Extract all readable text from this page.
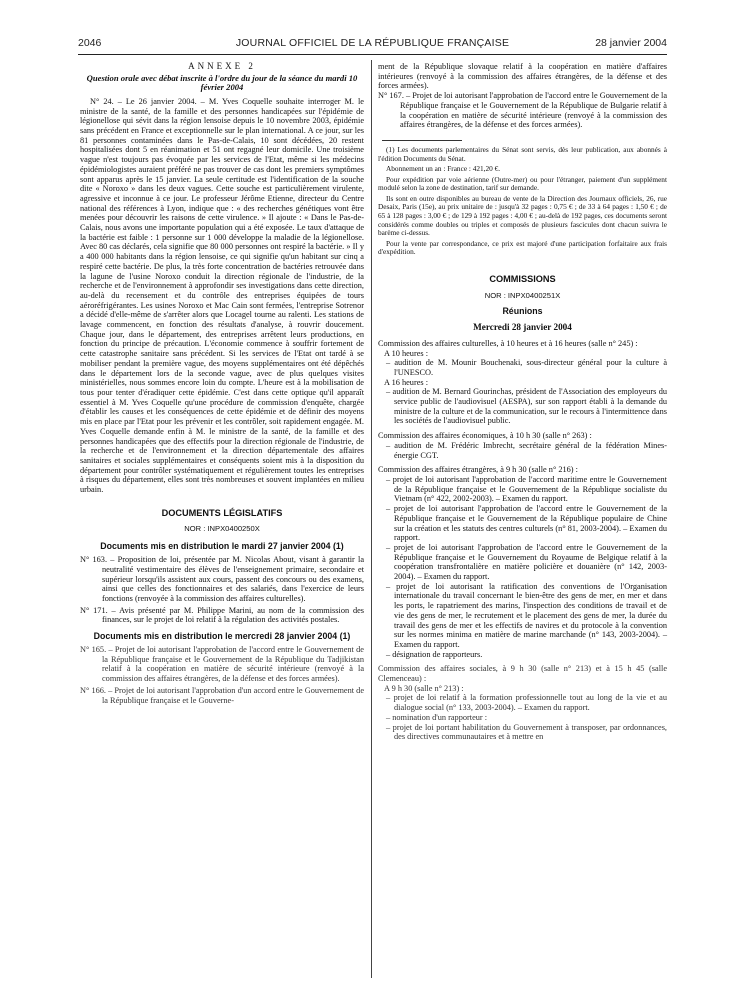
2046	JOURNAL OFFICIEL DE LA RÉPUBLIQUE FRANÇAISE	28 janvier 2004

ANNEXE 2

Question orale avec débat inscrite à l'ordre du jour de la séance du mardi 10 février 2004

N° 24. – Le 26 janvier 2004. – M. Yves Coquelle souhaite interroger M. le ministre de la santé, de la famille et des personnes handicapées sur l'épidémie de légionellose qui sévit dans la région lensoise depuis le 10 novembre 2003, épidémie sans précédent en France et exceptionnelle sur le plan international. A ce jour, sur les 81 personnes contaminées dans le Pas-de-Calais, 10 sont décédées, 20 restent hospitalisées dont 5 en réanimation et 51 ont regagné leur domicile. Une troisième vague n'est toujours pas évoquée par les services de l'Etat, même si les médecins épidémiologistes auraient préféré ne pas trouver de cas dont les premiers symptômes sont apparus après le 15 janvier. La seule certitude est l'identification de la souche dite « Noroxo » dans les deux vagues. Cette souche est particulièrement virulente, agressive et inconnue à ce jour. Le professeur Jérôme Etienne, directeur du Centre national des références à Lyon, indique que : « des recherches génétiques vont être menées pour découvrir les raisons de cette virulence. » Il ajoute : « Dans le Pas-de-Calais, nous avons une importante population qui a été exposée. Le taux d'attaque de la bactérie est faible : 1 personne sur 1 000 développe la maladie de la légionellose. Avec 80 cas déclarés, cela signifie que 80 000 personnes ont respiré la bactérie. » Il y a 400 000 habitants dans la région lensoise, ce qui signifie qu'un habitant sur cinq a respiré cette bactérie. De plus, la très forte concentration de bactéries retrouvée dans la lagune de l'usine Noroxo conduit la direction régionale de l'industrie, de la recherche et de l'environnement à approfondir ses investigations dans cette direction, au-delà du recensement et du contrôle des entreprises équipées de tours aéroréfrigérantes. Les usines Noroxo et Mac Cain sont fermées, l'entreprise Sotrenor a décidé d'elle-même de s'arrêter alors que Locagel tourne au ralenti. Les stations de lavage commencent, en fonction des résultats d'analyse, à rouvrir doucement. Chaque jour, dans le département, des entreprises arrêtent leurs productions, en fonction du principe de précaution. L'économie commence à souffrir fortement de cette catastrophe sanitaire sans précédent. Si les services de l'Etat ont tardé à se mobiliser pendant la première vague, des moyens supplémentaires ont été dépêchés dans le département lors de la seconde vague, avec de plus quelques visites ministérielles, nous sommes encore loin du compte. L'heure est à la mobilisation de tous pour tenter d'éradiquer cette épidémie. C'est dans cette optique qu'il apparaît essentiel à M. Yves Coquelle qu'une procédure de commission d'enquête, chargée d'établir les causes et les conséquences de cette épidémie et de définir des moyens mis en place par l'Etat pour les prévenir et les contrôler, soit rapidement engagée. M. Yves Coquelle demande enfin à M. le ministre de la santé, de la famille et des personnes handicapées que des effectifs pour la direction régionale de l'industrie, de la recherche et de l'environnement et la direction départementale des affaires sanitaires et sociales supplémentaires et conséquents soient mis à la disposition du département pour contrôler systématiquement et régulièrement toutes les entreprises à risques du département, elles sont très nombreuses et souvent implantées en milieu urbain.

DOCUMENTS LÉGISLATIFS

NOR : INPX0400250X

Documents mis en distribution le mardi 27 janvier 2004 (1)

N° 163. – Proposition de loi, présentée par M. Nicolas About, visant à garantir la neutralité vestimentaire des élèves de l'enseignement primaire, secondaire et supérieur lorsqu'ils assistent aux cours, passent des concours ou des examens, ainsi que celles des fonctionnaires et des salariés, dans l'exercice de leurs fonctions (renvoyée à la commission des affaires culturelles).
N° 171. – Avis présenté par M. Philippe Marini, au nom de la commission des finances, sur le projet de loi relatif à la régulation des activités postales.

Documents mis en distribution le mercredi 28 janvier 2004 (1)

N° 165. – Projet de loi autorisant l'approbation de l'accord entre le Gouvernement de la République française et le Gouvernement de la République du Tadjikistan relatif à la coopération en matière de sécurité intérieure (renvoyé à la commission des affaires étrangères, de la défense et des forces armées).
N° 166. – Projet de loi autorisant l'approbation d'un accord entre le Gouvernement de la République française et le Gouverne-

ment de la République slovaque relatif à la coopération en matière d'affaires intérieures (renvoyé à la commission des affaires étrangères, de la défense et des forces armées).

N° 167. – Projet de loi autorisant l'approbation de l'accord entre le Gouvernement de la République française et le Gouvernement de la République de Bulgarie relatif à la coopération en matière de sécurité intérieure (renvoyé à la commission des affaires étrangères, de la défense et des forces armées).

(1) Les documents parlementaires du Sénat sont servis, dès leur publication, aux abonnés à l'édition Documents du Sénat.

Abonnement un an : France : 421,20 €.

Pour expédition par voie aérienne (Outre-mer) ou pour l'étranger, paiement d'un supplément modulé selon la zone de destination, tarif sur demande.

Ils sont en outre disponibles au bureau de vente de la Direction des Journaux officiels, 26, rue Desaix, Paris (15e), au prix unitaire de : jusqu'à 32 pages : 0,75 € ; de 33 à 64 pages : 1,50 € ; de 65 à 128 pages : 3,00 € ; de 129 à 192 pages : 4,00 € ; au-delà de 192 pages, ces documents seront considérés comme doubles ou triples et composés de plusieurs fascicules dont chacun suivra le barème ci-dessus.

Pour la vente par correspondance, ce prix est majoré d'une participation forfaitaire aux frais d'expédition.

COMMISSIONS

NOR : INPX0400251X

Réunions

Mercredi 28 janvier 2004

Commission des affaires culturelles, à 10 heures et à 16 heures (salle n° 245) :

A 10 heures :

– audition de M. Mounir Bouchenaki, sous-directeur général pour la culture à l'UNESCO.

A 16 heures :

– audition de M. Bernard Gourinchas, président de l'Association des employeurs du service public de l'audiovisuel (AESPA), sur son rapport établi à la demande du ministre de la culture et de la communication, sur le recours à l'intermittence dans les sociétés de l'audiovisuel public.

Commission des affaires économiques, à 10 h 30 (salle n° 263) :

– audition de M. Frédéric Imbrecht, secrétaire général de la fédération Mines-énergie CGT.

Commission des affaires étrangères, à 9 h 30 (salle n° 216) :

– projet de loi autorisant l'approbation de l'accord maritime entre le Gouvernement de la République française et le Gouvernement de la République socialiste du Vietnam (n° 422, 2002-2003). – Examen du rapport.

– projet de loi autorisant l'approbation de l'accord entre le Gouvernement de la République française et le Gouvernement de la République populaire de Chine sur la création et les statuts des centres culturels (n° 81, 2003-2004). – Examen du rapport.

– projet de loi autorisant l'approbation de l'accord entre le Gouvernement de la République française et le Gouvernement du Royaume de Belgique relatif à la coopération transfrontalière en matière policière et douanière (n° 142, 2003-2004). – Examen du rapport.

– projet de loi autorisant la ratification des conventions de l'Organisation internationale du travail concernant le bien-être des gens de mer, en mer et dans les ports, le rapatriement des marins, l'inspection des conditions de travail et de vie des gens de mer, le recrutement et le placement des gens de mer, la durée du travail des gens de mer et les effectifs de navires et du protocole à la convention sur les normes minima en matière de marine marchande (n° 143, 2003-2004). – Examen du rapport.

– désignation de rapporteurs.

Commission des affaires sociales, à 9 h 30 (salle n° 213) et à 15 h 45 (salle Clemenceau) :

A 9 h 30 (salle n° 213) :

– projet de loi relatif à la formation professionnelle tout au long de la vie et au dialogue social (n° 133, 2003-2004). – Examen du rapport.

– nomination d'un rapporteur :

– projet de loi portant habilitation du Gouvernement à transposer, par ordonnances, des directives communautaires et à mettre en
